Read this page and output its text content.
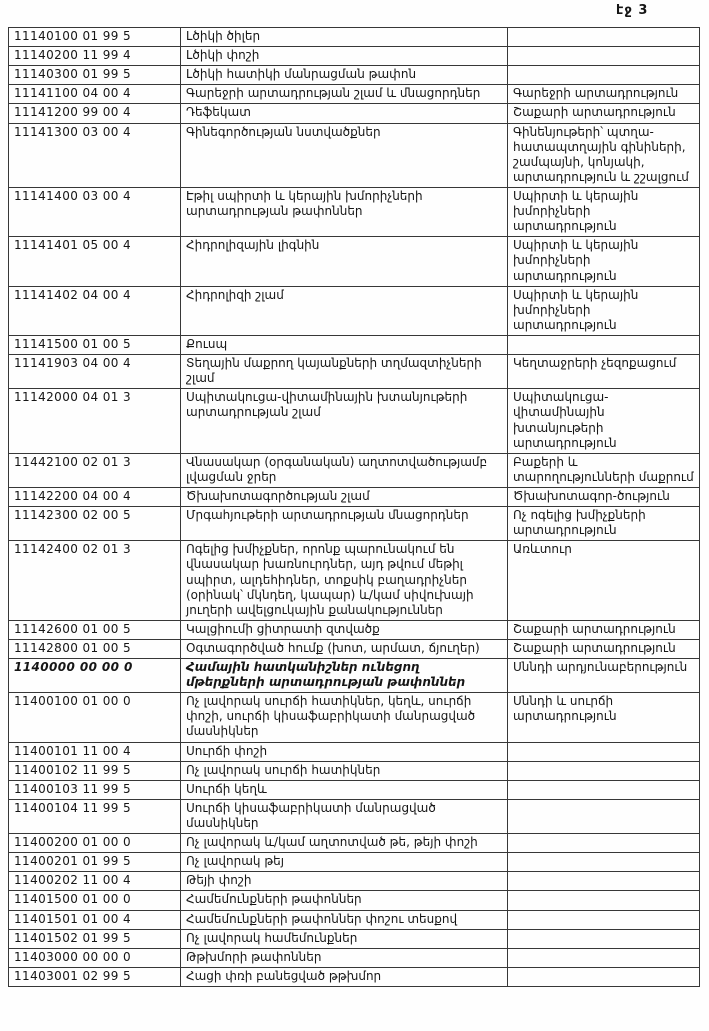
էջ 3
11140100 01 99 5	Լծիկի ծիլեր	
11140200 11 99 4	Լծիկի փոշի	
11140300 01 99 5	Լծիկի հատիկի մանրացման թափոն	
11141100 04 00 4	Գարեջրի արտադրության շլամ և մնացորդներ	Գարեջրի արտադրություն
11141200 99 00 4	Դեֆեկատ	Շաքարի արտադրություն
11141300 03 00 4	Գինեգործության նստվածքներ	Գինենյութերի՝ պտղա-հատապտղային գինիների, շամպայնի, կոնյակի, արտադրություն և շշալցում
11141400 03 00 4	Էթիլ սպիրտի և կերային խմորիչների արտադրության թափոններ	Սպիրտի և կերային խմորիչների արտադրություն
11141401 05 00 4	Հիդրոլիզային լիգնին	Սպիրտի և կերային խմորիչների արտադրություն
11141402 04 00 4	Հիդրոլիզի շլամ	Սպիրտի և կերային խմորիչների արտադրություն
11141500 01 00 5	Քուսպ	
11141903 04 00 4	Տեղային մաքրող կայանքների տղմազտիչների շլամ	Կեղտաջրերի չեզոքացում
11142000 04 01 3	Սպիտակուցա-վիտամինային խտանյութերի արտադրության շլամ	Սպիտակուցա-վիտամինային խտանյութերի արտադրություն
11442100 02 01 3	Վնասակար (օրգանական) աղտոտվածությամբ լվացման ջրեր	Բաքերի և տարողությունների մաքրում
11142200 04 00 4	Ծխախոտագործության շլամ	Ծխախոտագոր-ծություն
11142300 02 00 5	Մրգահյութերի արտադրության մնացորդներ	Ոչ ոգելից խմիչքների արտադրություն
11142400 02 01 3	Ոգելից խմիչքներ, որոնք պարունակում են վնասակար խառնուրդներ, այդ թվում մեթիլ սպիրտ, ալդեհիդներ, տոքսիկ բաղադրիչներ (օրինակ՝ մկնդեղ, կապար) և/կամ սիվուխայի յուղերի ավելցուկային քանակություններ	Առևտուր
11142600 01 00 5	Կալցիումի ցիտրատի զտվածք	Շաքարի արտադրություն
11142800 01 00 5	Օգտագործված հումք (խոտ, արմատ, ճյուղեր)	Շաքարի արտադրություն
1140000 00 00 0	Համային հատկանիշներ ունեցող մթերքների արտադրության թափոններ	Սննդի արդյունաբերություն
11400100 01 00 0	Ոչ լավորակ սուրճի հատիկներ, կեղև, սուրճի փոշի, սուրճի կիսաֆաբրիկատի մանրացված մասնիկներ	Սննդի և սուրճի արտադրություն
11400101 11 00 4	Սուրճի փոշի	
11400102 11 99 5	Ոչ լավորակ սուրճի հատիկներ	
11400103 11 99 5	Սուրճի կեղև	
11400104 11 99 5	Սուրճի կիսաֆաբրիկատի մանրացված մասնիկներ	
11400200 01 00 0	Ոչ լավորակ և/կամ աղտոտված թե, թեյի փոշի	
11400201 01 99 5	Ոչ լավորակ թեյ	
11400202 11 00 4	Թեյի փոշի	
11401500 01 00 0	Համեմունքների թափոններ	
11401501 01 00 4	Համեմունքների թափոններ փոշու տեսքով	
11401502 01 99 5	Ոչ լավորակ համեմունքներ	
11403000 00 00 0	Թթխմորի թափոններ	
11403001 02 99 5	Հացի փռի բանեցված թթխմոր	
